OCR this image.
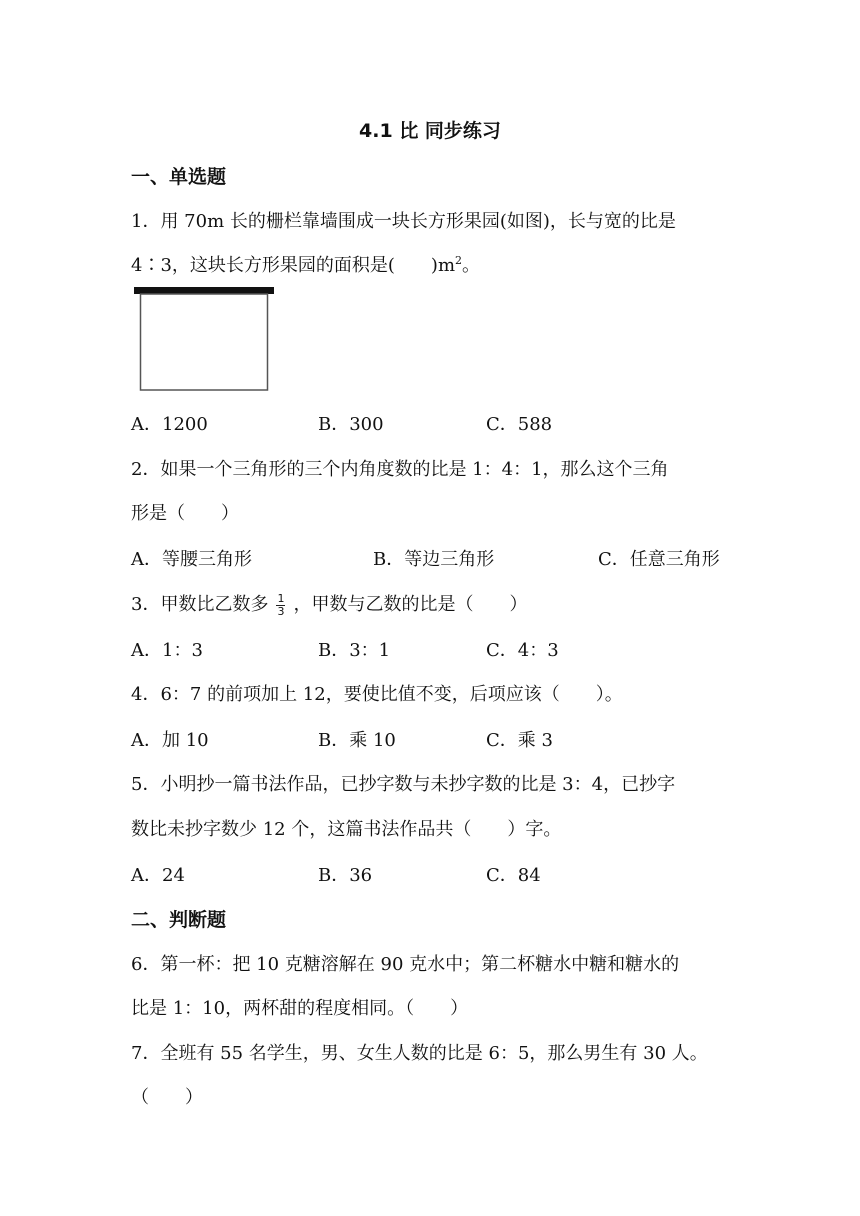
4.1 比 同步练习
一、单选题
1．用 70m 长的栅栏靠墙围成一块长方形果园(如图)，长与宽的比是
4∶3，这块长方形果园的面积是(　　)$m^2$。
A．1200	B．300	C．588
2．如果一个三角形的三个内角度数的比是 1：4：1，那么这个三角
形是（　　）
A．等腰三角形	B．等边三角形	C．任意三角形
3．甲数比乙数多 $\frac{1}{3}$ ，甲数与乙数的比是（　　）
A．1：3	B．3：1	C．4：3
4．6：7 的前项加上 12，要使比值不变，后项应该（　　）。
A．加 10	B．乘 10	C．乘 3
5．小明抄一篇书法作品，已抄字数与未抄字数的比是 3：4，已抄字
数比未抄字数少 12 个，这篇书法作品共（　　）字。
A．24	B．36	C．84
二、判断题
6．第一杯：把 10 克糖溶解在 90 克水中；第二杯糖水中糖和糖水的
比是 1：10，两杯甜的程度相同。（　　）
7．全班有 55 名学生，男、女生人数的比是 6：5，那么男生有 30 人。
（　　）
